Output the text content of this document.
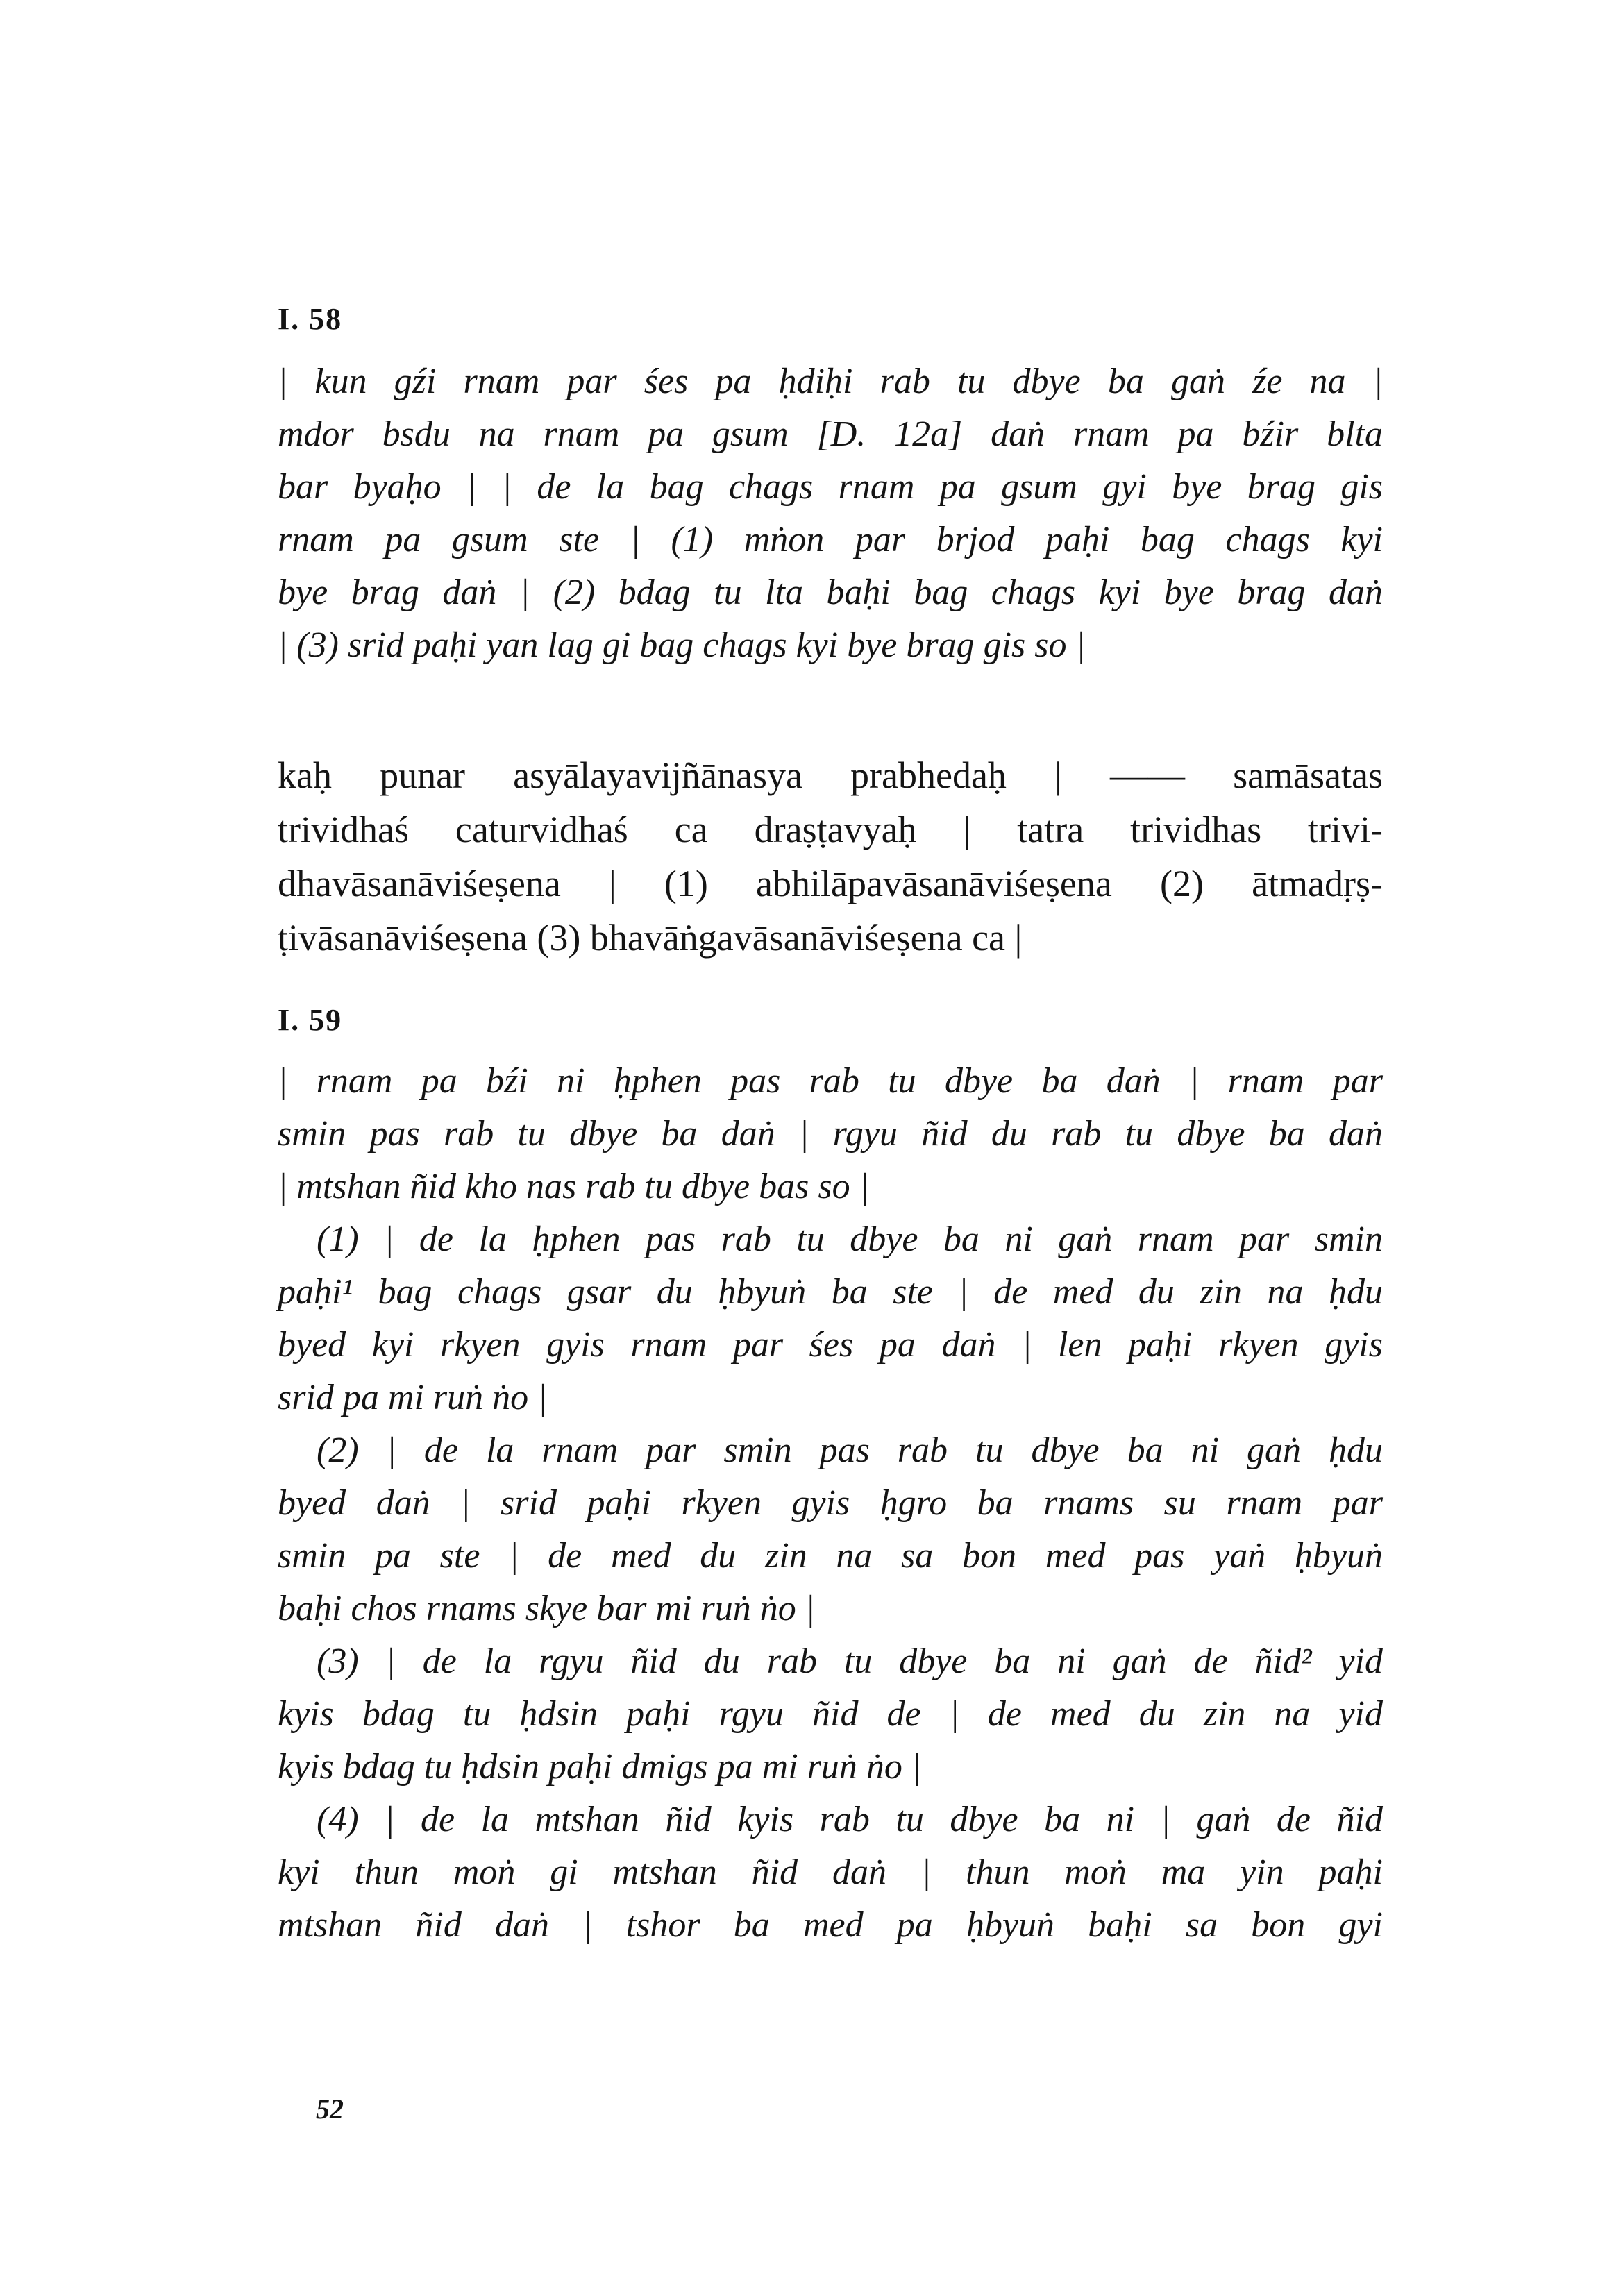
I. 58
| kun gźi rnam par śes pa ḥdiḥi rab tu dbye ba gaṅ źe na |
mdor bsdu na rnam pa gsum [D. 12a] daṅ rnam pa bźir blta
bar byaḥo | | de la bag chags rnam pa gsum gyi bye brag gis
rnam pa gsum ste | (1) mṅon par brjod paḥi bag chags kyi
bye brag daṅ | (2) bdag tu lta baḥi bag chags kyi bye brag daṅ
| (3) srid paḥi yan lag gi bag chags kyi bye brag gis so |
kaḥ punar asyālayavijñānasya prabhedaḥ | —— samāsatas
trividhaś caturvidhaś ca draṣṭavyaḥ | tatra trividhas trivi-
dhavāsanāviśeṣena | (1) abhilāpavāsanāviśeṣena (2) ātmadṛṣ-
ṭivāsanāviśeṣena (3) bhavāṅgavāsanāviśeṣena ca |
I. 59
| rnam pa bźi ni ḥphen pas rab tu dbye ba daṅ | rnam par
smin pas rab tu dbye ba daṅ | rgyu ñid du rab tu dbye ba daṅ
| mtshan ñid kho nas rab tu dbye bas so |
(1) | de la ḥphen pas rab tu dbye ba ni gaṅ rnam par smin
paḥi¹ bag chags gsar du ḥbyuṅ ba ste | de med du zin na ḥdu
byed kyi rkyen gyis rnam par śes pa daṅ | len paḥi rkyen gyis
srid pa mi ruṅ ṅo |
(2) | de la rnam par smin pas rab tu dbye ba ni gaṅ ḥdu
byed daṅ | srid paḥi rkyen gyis ḥgro ba rnams su rnam par
smin pa ste | de med du zin na sa bon med pas yaṅ ḥbyuṅ
baḥi chos rnams skye bar mi ruṅ ṅo |
(3) | de la rgyu ñid du rab tu dbye ba ni gaṅ de ñid² yid
kyis bdag tu ḥdsin paḥi rgyu ñid de | de med du zin na yid
kyis bdag tu ḥdsin paḥi dmigs pa mi ruṅ ṅo |
(4) | de la mtshan ñid kyis rab tu dbye ba ni | gaṅ de ñid
kyi thun moṅ gi mtshan ñid daṅ | thun moṅ ma yin paḥi
mtshan ñid daṅ | tshor ba med pa ḥbyuṅ baḥi sa bon gyi
52
